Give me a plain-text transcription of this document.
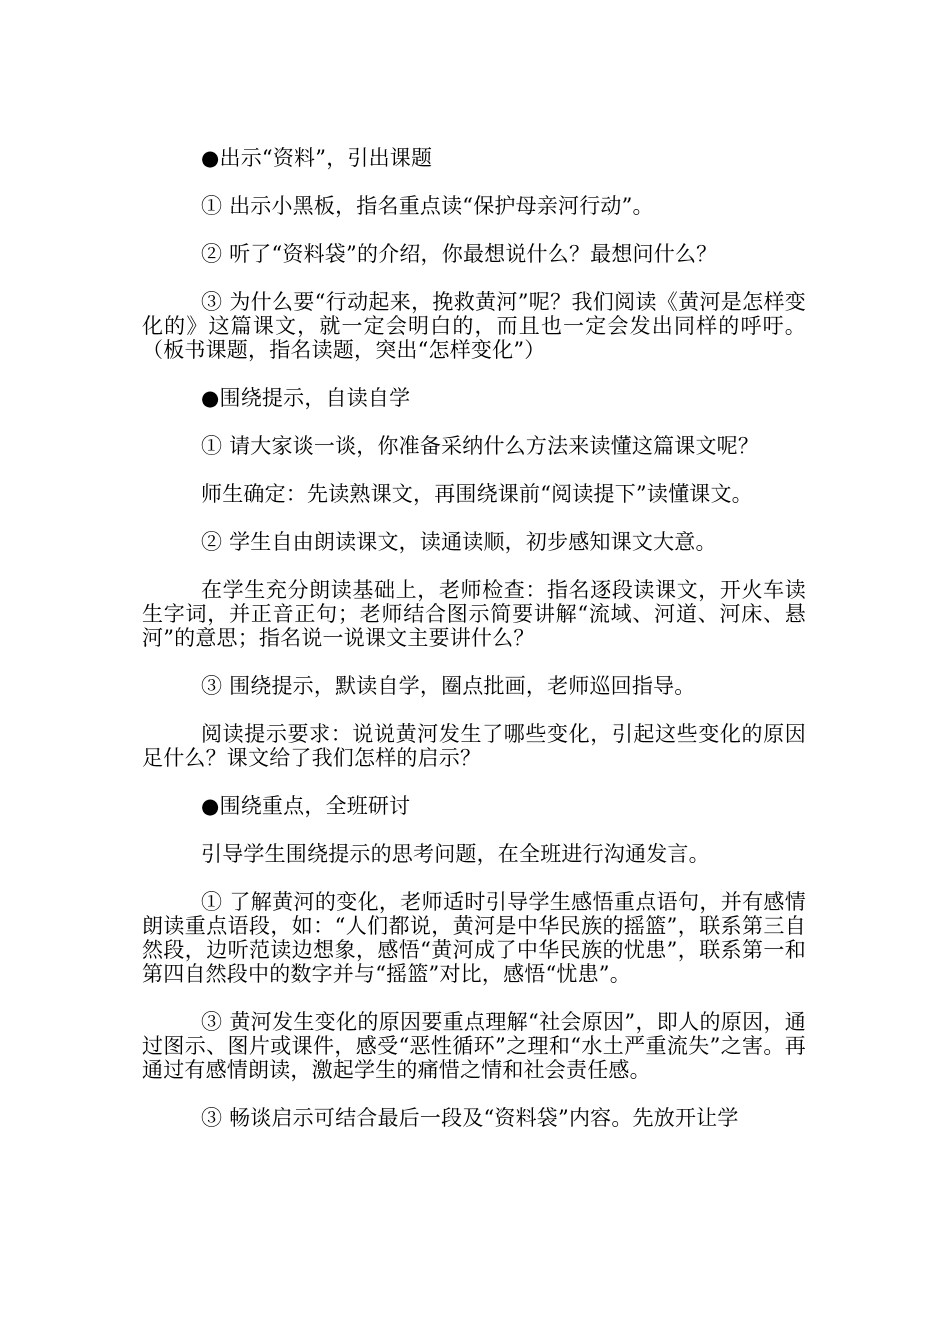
●出示“资料”，引出课题

① 出示小黑板，指名重点读“保护母亲河行动”。

② 听了“资料袋”的介绍，你最想说什么？最想问什么？

③ 为什么要“行动起来，挽救黄河”呢？我们阅读《黄河是怎样变化的》这篇课文，就一定会明白的，而且也一定会发出同样的呼吁。（板书课题，指名读题，突出“怎样变化”）

●围绕提示，自读自学

① 请大家谈一谈，你准备采纳什么方法来读懂这篇课文呢？

师生确定：先读熟课文，再围绕课前“阅读提下”读懂课文。

② 学生自由朗读课文，读通读顺，初步感知课文大意。

在学生充分朗读基础上，老师检查：指名逐段读课文，开火车读生字词，并正音正句；老师结合图示简要讲解“流域、河道、河床、悬河”的意思；指名说一说课文主要讲什么？

③ 围绕提示，默读自学，圈点批画，老师巡回指导。

阅读提示要求：说说黄河发生了哪些变化，引起这些变化的原因足什么？课文给了我们怎样的启示？

●围绕重点，全班研讨

引导学生围绕提示的思考问题，在全班进行沟通发言。

① 了解黄河的变化，老师适时引导学生感悟重点语句，并有感情朗读重点语段，如：“人们都说，黄河是中华民族的摇篮”，联系第三自然段，边听范读边想象，感悟“黄河成了中华民族的忧患”，联系第一和第四自然段中的数字并与“摇篮”对比，感悟“忧患”。

③ 黄河发生变化的原因要重点理解“社会原因”，即人的原因，通过图示、图片或课件，感受“恶性循环”之理和“水土严重流失”之害。再通过有感情朗读，激起学生的痛惜之情和社会责任感。

③ 畅谈启示可结合最后一段及“资料袋”内容。先放开让学
